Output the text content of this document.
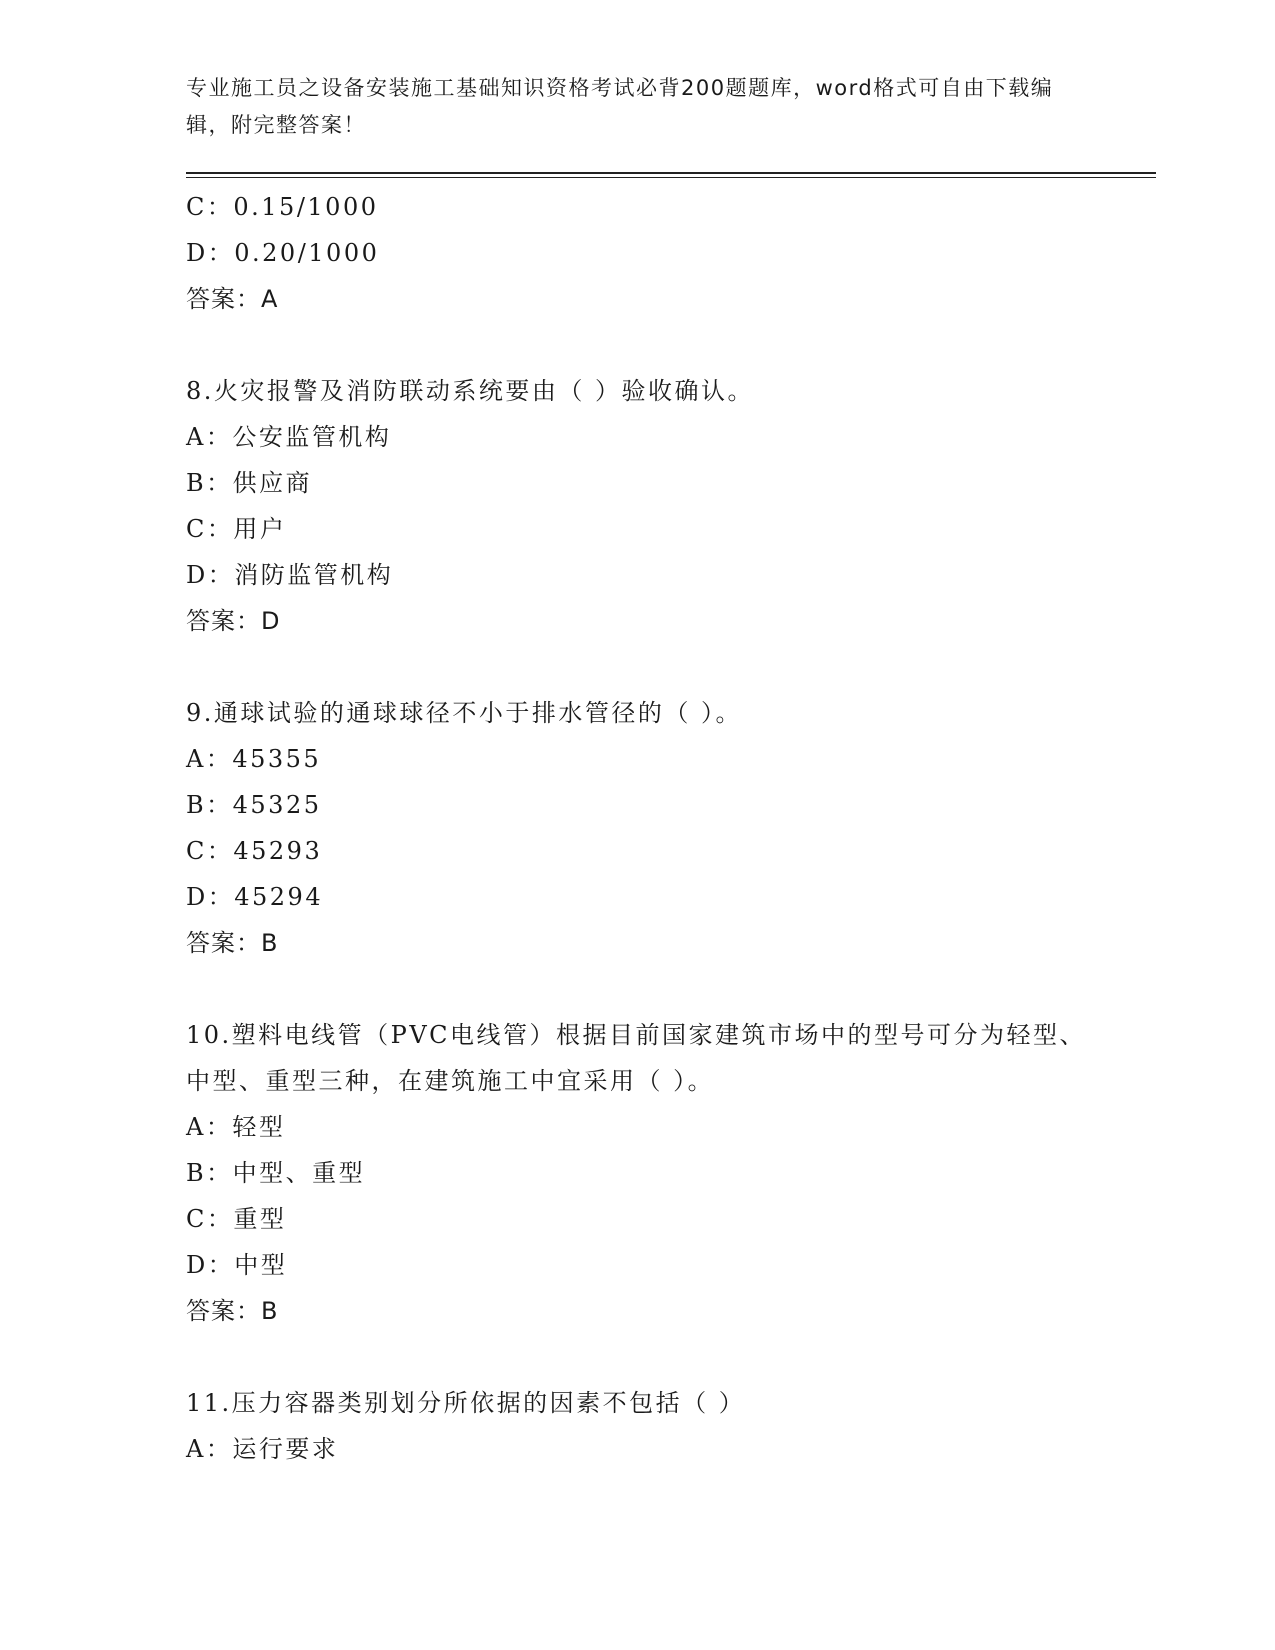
专业施工员之设备安装施工基础知识资格考试必背200题题库，word格式可自由下载编辑，附完整答案！

C：0.15/1000
D：0.20/1000
答案：A
8.火灾报警及消防联动系统要由（ ）验收确认。
A：公安监管机构
B：供应商
C：用户
D：消防监管机构
答案：D
9.通球试验的通球球径不小于排水管径的（ ）。
A：45355
B：45325
C：45293
D：45294
答案：B
10.塑料电线管（PVC电线管）根据目前国家建筑市场中的型号可分为轻型、中型、重型三种，在建筑施工中宜采用（ ）。
A：轻型
B：中型、重型
C：重型
D：中型
答案：B
11.压力容器类别划分所依据的因素不包括（ ）
A：运行要求
